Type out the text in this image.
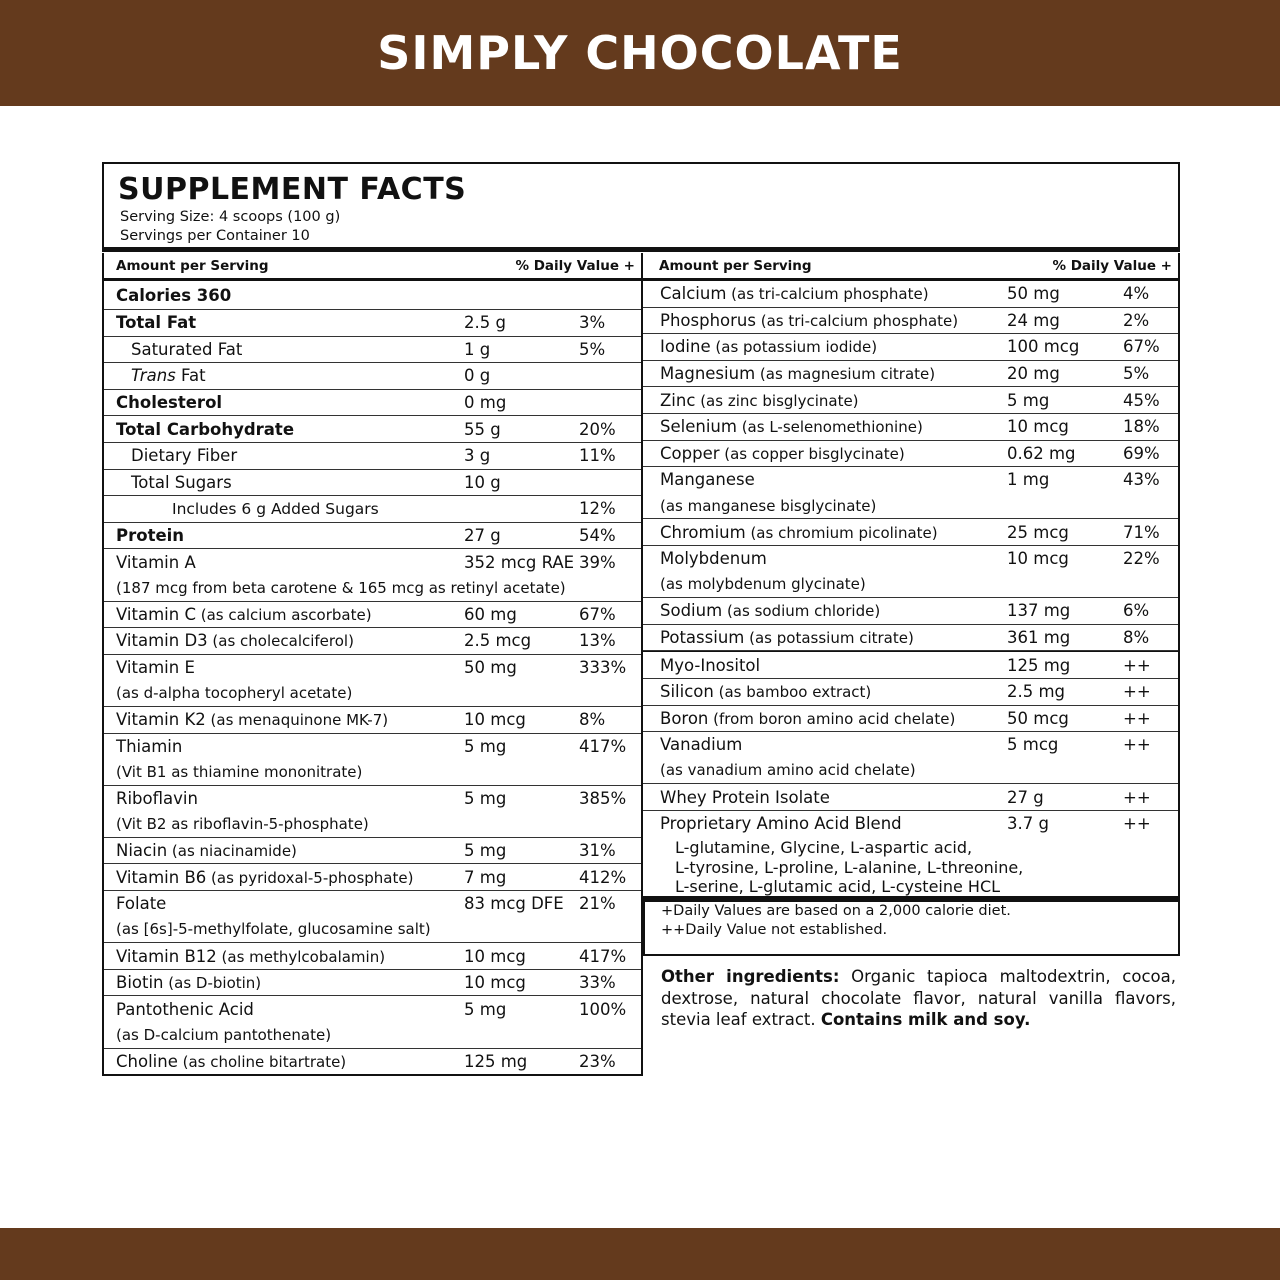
SIMPLY CHOCOLATE
SUPPLEMENT FACTS
Serving Size: 4 scoops (100 g)
Servings per Container 10
Amount per Serving	% Daily Value +
Calories 360
Total Fat	2.5 g	3%
Saturated Fat	1 g	5%
Trans Fat	0 g
Cholesterol	0 mg
Total Carbohydrate	55 g	20%
Dietary Fiber	3 g	11%
Total Sugars	10 g
Includes 6 g Added Sugars	12%
Protein	27 g	54%
Vitamin A	352 mcg RAE 39%
(187 mcg from beta carotene & 165 mcg as retinyl acetate)
Vitamin C (as calcium ascorbate)	60 mg	67%
Vitamin D3 (as cholecalciferol)	2.5 mcg	13%
Vitamin E	50 mg	333%
(as d-alpha tocopheryl acetate)
Vitamin K2 (as menaquinone MK-7)	10 mcg	8%
Thiamin	5 mg	417%
(Vit B1 as thiamine mononitrate)
Riboflavin	5 mg	385%
(Vit B2 as riboflavin-5-phosphate)
Niacin (as niacinamide)	5 mg	31%
Vitamin B6 (as pyridoxal-5-phosphate)	7 mg	412%
Folate	83 mcg DFE 21%
(as [6s]-5-methylfolate, glucosamine salt)
Vitamin B12 (as methylcobalamin)	10 mcg	417%
Biotin (as D-biotin)	10 mcg	33%
Pantothenic Acid	5 mg	100%
(as D-calcium pantothenate)
Choline (as choline bitartrate)	125 mg	23%
Amount per Serving	% Daily Value +
Calcium (as tri-calcium phosphate)	50 mg	4%
Phosphorus (as tri-calcium phosphate)	24 mg	2%
Iodine (as potassium iodide)	100 mcg	67%
Magnesium (as magnesium citrate)	20 mg	5%
Zinc (as zinc bisglycinate)	5 mg	45%
Selenium (as L-selenomethionine)	10 mcg	18%
Copper (as copper bisglycinate)	0.62 mg	69%
Manganese	1 mg	43%
(as manganese bisglycinate)
Chromium (as chromium picolinate)	25 mcg	71%
Molybdenum	10 mcg	22%
(as molybdenum glycinate)
Sodium (as sodium chloride)	137 mg	6%
Potassium (as potassium citrate)	361 mg	8%
Myo-Inositol	125 mg	++
Silicon (as bamboo extract)	2.5 mg	++
Boron (from boron amino acid chelate)	50 mcg	++
Vanadium	5 mcg	++
(as vanadium amino acid chelate)
Whey Protein Isolate	27 g	++
Proprietary Amino Acid Blend	3.7 g	++
L-glutamine, Glycine, L-aspartic acid,
L-tyrosine, L-proline, L-alanine, L-threonine,
L-serine, L-glutamic acid, L-cysteine HCL
+Daily Values are based on a 2,000 calorie diet.
++Daily Value not established.
Other ingredients: Organic tapioca maltodextrin, cocoa, dextrose, natural chocolate flavor, natural vanilla flavors, stevia leaf extract. Contains milk and soy.
